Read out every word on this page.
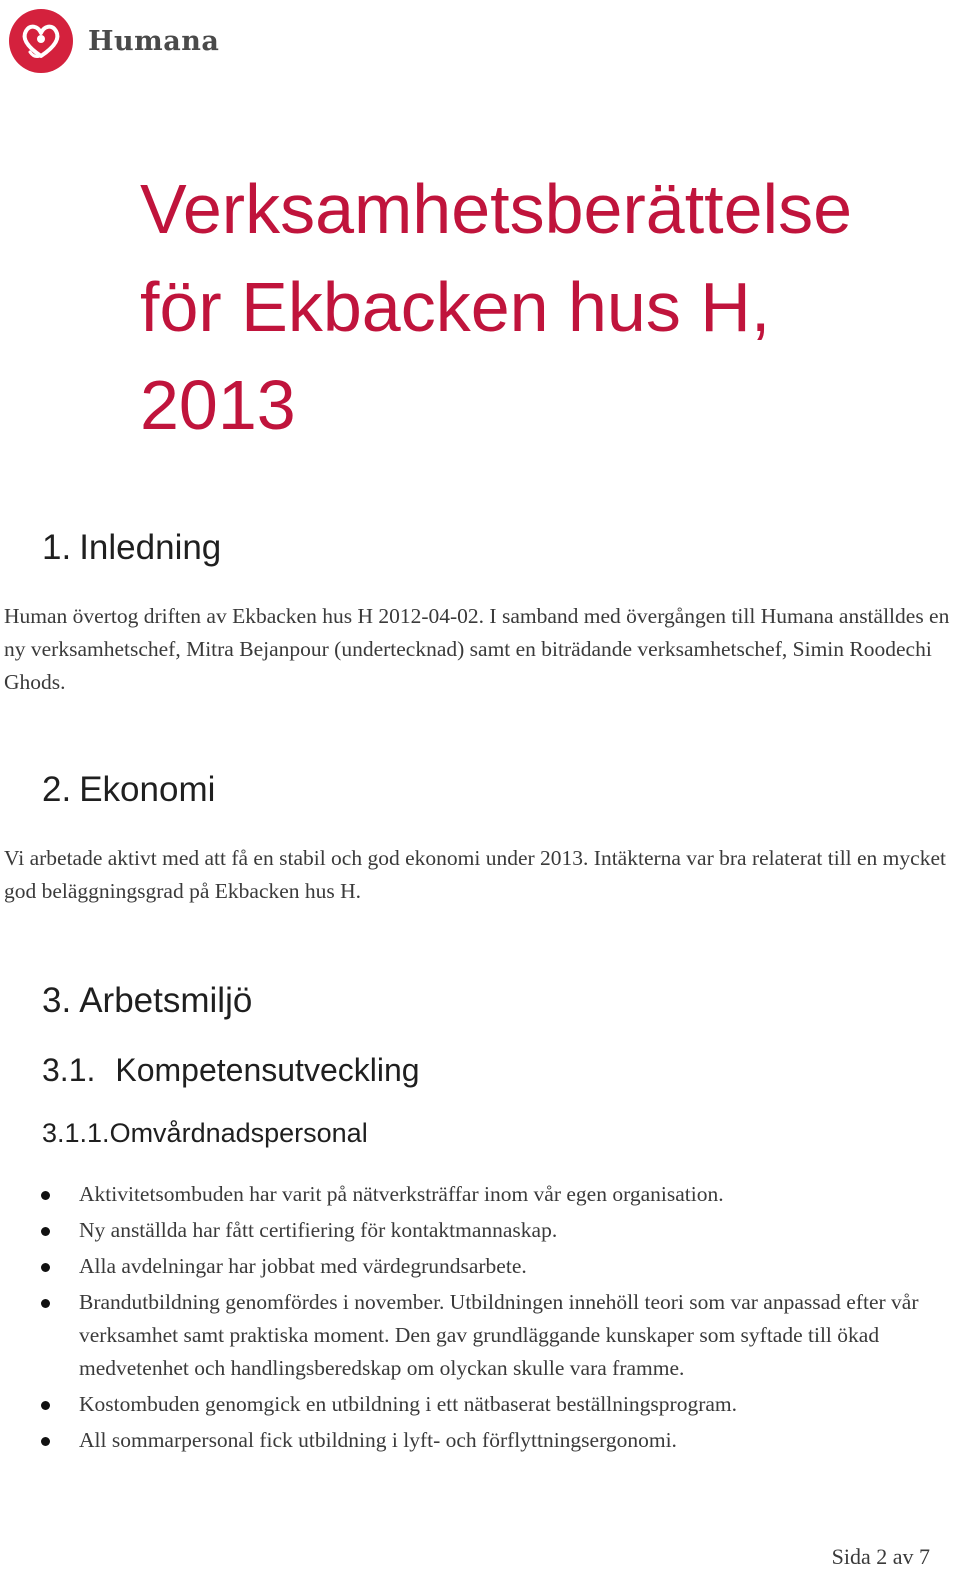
Humana
Verksamhetsberättelse
för Ekbacken hus H,
2013
1. Inledning

Human övertog driften av Ekbacken hus H 2012-04-02. I samband med övergången till Humana anställdes en ny verksamhetschef, Mitra Bejanpour (undertecknad) samt en biträdande verksamhetschef, Simin Roodechi Ghods.

2. Ekonomi

Vi arbetade aktivt med att få en stabil och god ekonomi under 2013. Intäkterna var bra relaterat till en mycket god beläggningsgrad på Ekbacken hus H.

3. Arbetsmiljö
3.1. Kompetensutveckling
3.1.1.Omvårdnadspersonal
Aktivitetsombuden har varit på nätverksträffar inom vår egen organisation.
Ny anställda har fått certifiering för kontaktmannaskap.
Alla avdelningar har jobbat med värdegrundsarbete.
Brandutbildning genomfördes i november. Utbildningen innehöll teori som var anpassad efter vår verksamhet samt praktiska moment. Den gav grundläggande kunskaper som syftade till ökad medvetenhet och handlingsberedskap om olyckan skulle vara framme.
Kostombuden genomgick en utbildning i ett nätbaserat beställningsprogram.
All sommarpersonal fick utbildning i lyft- och förflyttningsergonomi.
Sida 2 av 7
